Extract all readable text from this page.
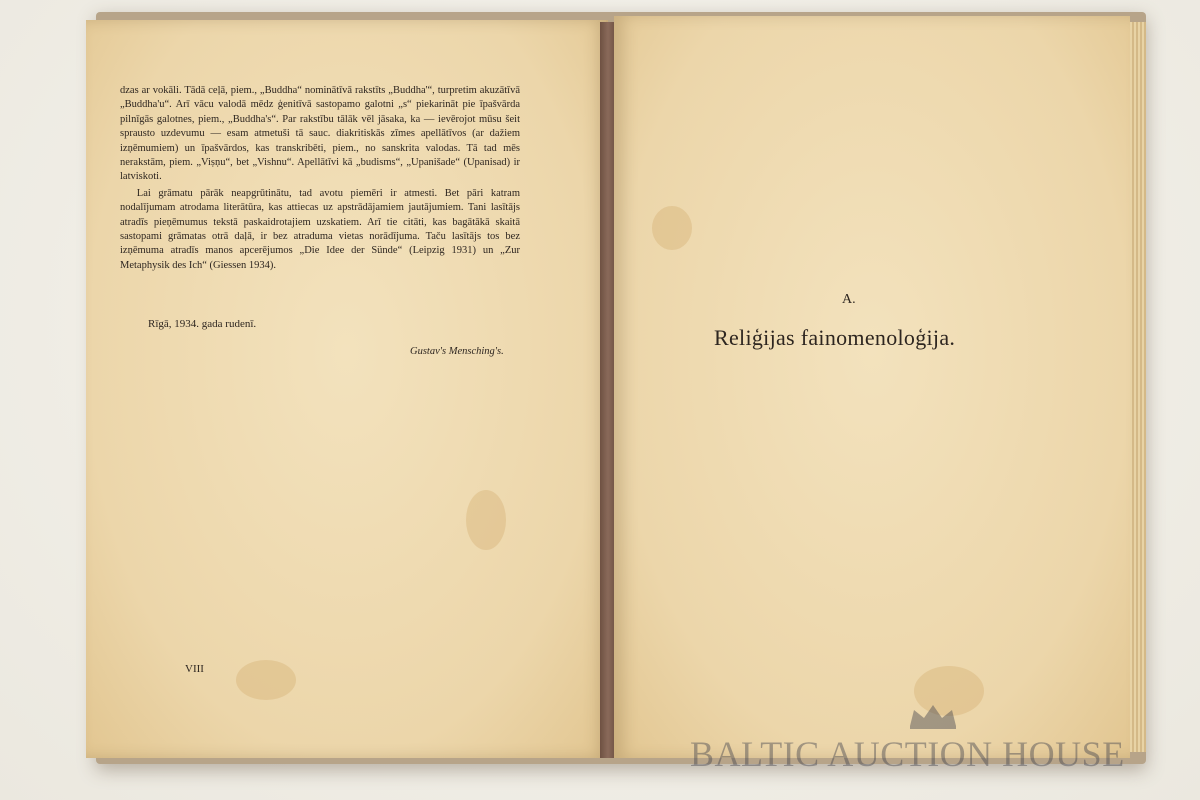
dzas ar vokāli. Tādā ceļā, piem., „Buddha“ nominātīvā rakstīts „Buddha'“, turpretim akuzātīvā „Buddha'u“. Arī vācu valodā mēdz ģenitīvā sastopamo galotni „s“ piekarināt pie īpašvārda pilnīgās galotnes, piem., „Buddha's“. Par rakstību tālāk vēl jāsaka, ka — ievērojot mūsu šeit sprausto uzdevumu — esam atmetuši tā sauc. diakritiskās zīmes apellātīvos (ar dažiem izņēmumiem) un īpašvārdos, kas transkribēti, piem., no sanskrita valodas. Tā tad mēs nerakstām, piem. „Viṣṇu“, bet „Vishnu“. Apellātīvi kā „budisms“, „Upanišade“ (Upanisad) ir latviskoti.

Lai grāmatu pārāk neapgrūtinātu, tad avotu piemēri ir atmesti. Bet pāri katram nodalījumam atrodama literātūra, kas attiecas uz apstrādājamiem jautājumiem. Tani lasītājs atradīs pieņēmumus tekstā paskaidrotajiem uzskatiem. Arī tie citāti, kas bagātākā skaitā sastopami grāmatas otrā daļā, ir bez atraduma vietas norādījuma. Taču lasītājs tos bez izņēmuma atradīs manos apcerējumos „Die Idee der Sünde“ (Leipzig 1931) un „Zur Metaphysik des Ich“ (Giessen 1934).

Rīgā, 1934. gada rudenī.
Gustav's Mensching's.
VIII
A.
Reliģijas fainomenoloģija.
BALTIC AUCTION HOUSE
